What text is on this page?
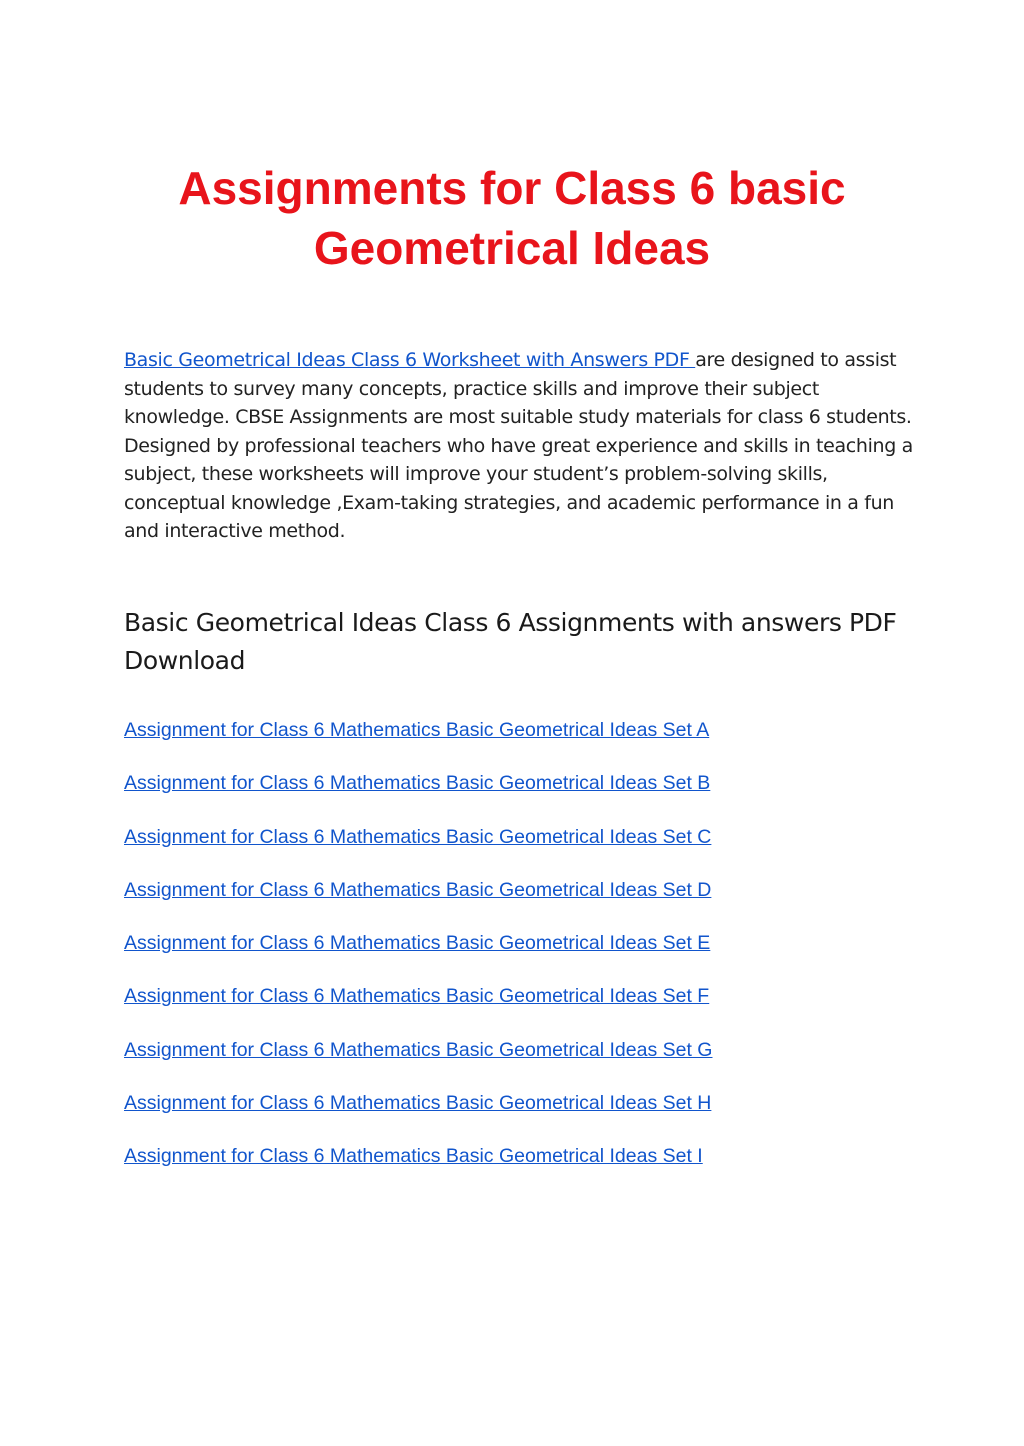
Assignments for Class 6 basic Geometrical Ideas

Basic Geometrical Ideas Class 6 Worksheet with Answers PDF are designed to assist students to survey many concepts, practice skills and improve their subject knowledge. CBSE Assignments are most suitable study materials for class 6 students. Designed by professional teachers who have great experience and skills in teaching a subject, these worksheets will improve your student’s problem-solving skills, conceptual knowledge ,Exam-taking strategies, and academic performance in a fun and interactive method.

Basic Geometrical Ideas Class 6 Assignments with answers PDF Download
Assignment for Class 6 Mathematics Basic Geometrical Ideas Set A
Assignment for Class 6 Mathematics Basic Geometrical Ideas Set B
Assignment for Class 6 Mathematics Basic Geometrical Ideas Set C
Assignment for Class 6 Mathematics Basic Geometrical Ideas Set D
Assignment for Class 6 Mathematics Basic Geometrical Ideas Set E
Assignment for Class 6 Mathematics Basic Geometrical Ideas Set F
Assignment for Class 6 Mathematics Basic Geometrical Ideas Set G
Assignment for Class 6 Mathematics Basic Geometrical Ideas Set H
Assignment for Class 6 Mathematics Basic Geometrical Ideas Set I
